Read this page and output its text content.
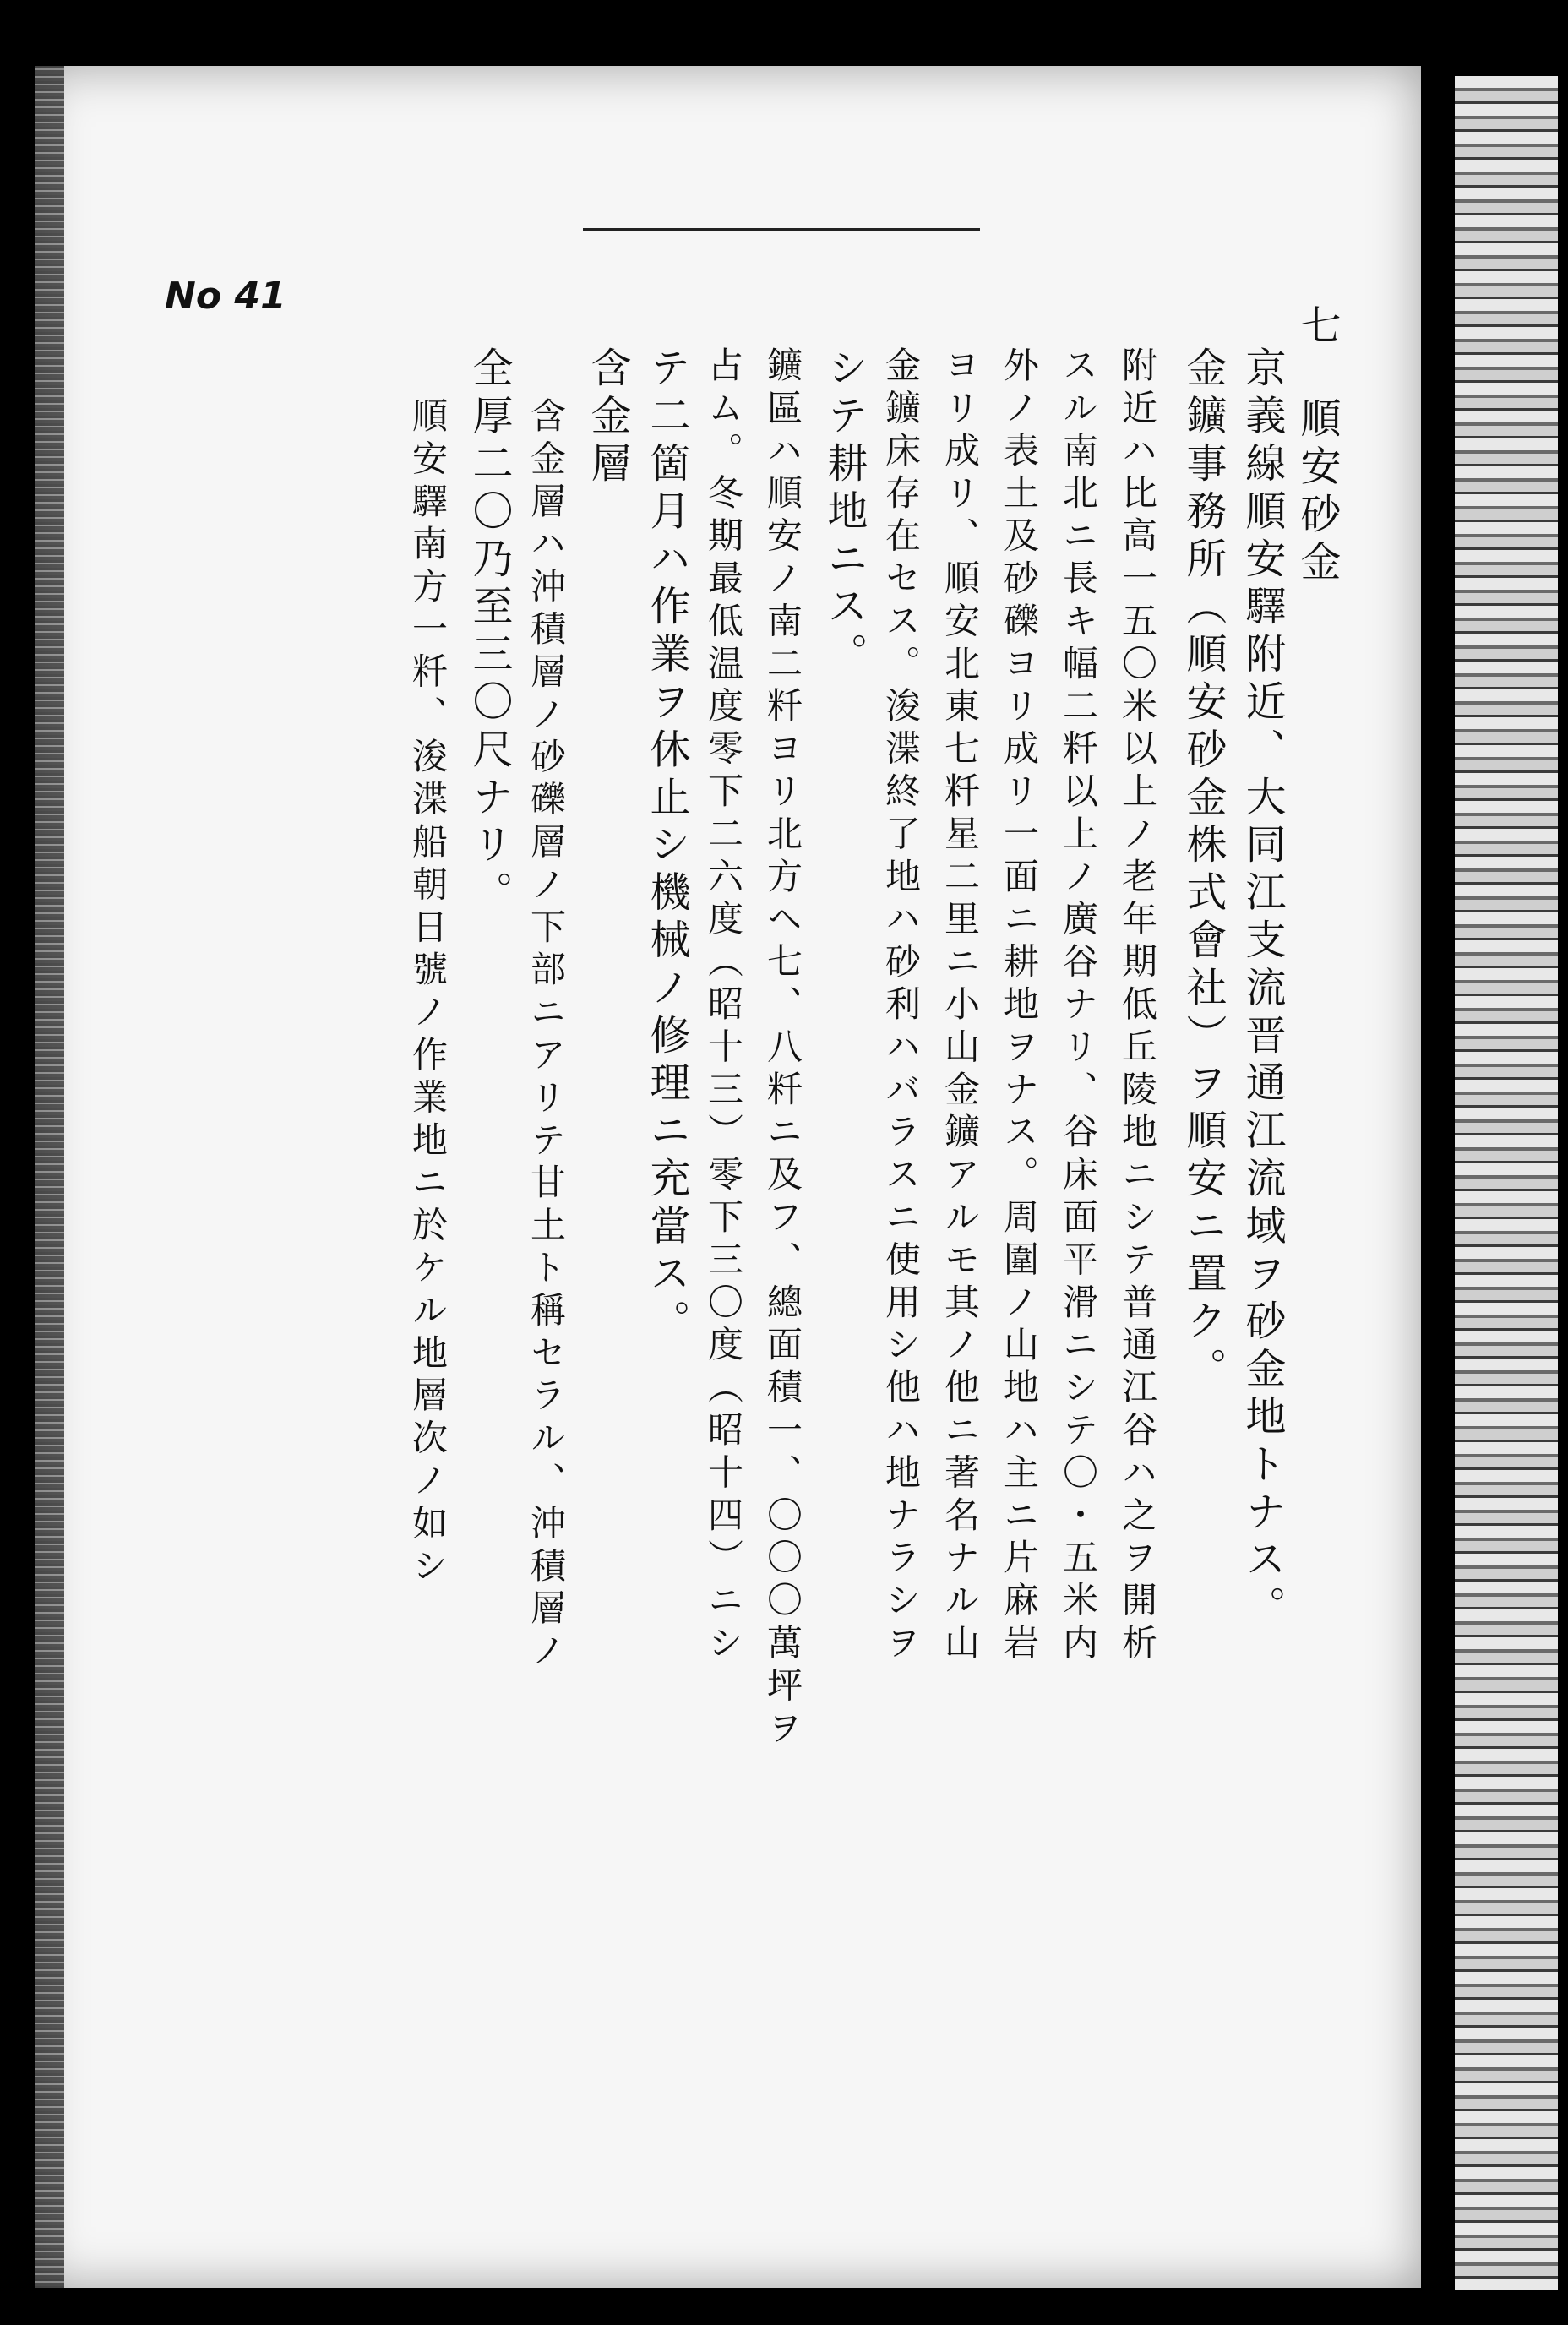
No 41
七
順安砂金
京義線順安驛附近、大同江支流晋通江流域ヲ砂金地トナス。
金鑛事務所（順安砂金株式會社）ヲ順安ニ置ク。
附近ハ比高一五〇米以上ノ老年期低丘陵地ニシテ普通江谷ハ之ヲ開析
スル南北ニ長キ幅二粁以上ノ廣谷ナリ、谷床面平滑ニシテ〇・五米内
外ノ表土及砂礫ヨリ成リ一面ニ耕地ヲナス。周圍ノ山地ハ主ニ片麻岩
ヨリ成リ、順安北東七粁星二里ニ小山金鑛アルモ其ノ他ニ著名ナル山
金鑛床存在セス。浚渫終了地ハ砂利ハバラスニ使用シ他ハ地ナラシヲ
シテ耕地ニス。
鑛區ハ順安ノ南二粁ヨリ北方ヘ七、八粁ニ及フ、總面積一、〇〇〇萬坪ヲ
占ム。冬期最低温度零下二六度（昭十三）零下三〇度（昭十四）ニシ
テ二箇月ハ作業ヲ休止シ機械ノ修理ニ充當ス。
含金層
含金層ハ沖積層ノ砂礫層ノ下部ニアリテ甘土ト稱セラル、沖積層ノ
全厚二〇乃至三〇尺ナリ。
順安驛南方一粁、浚渫船朝日號ノ作業地ニ於ケル地層次ノ如シ
